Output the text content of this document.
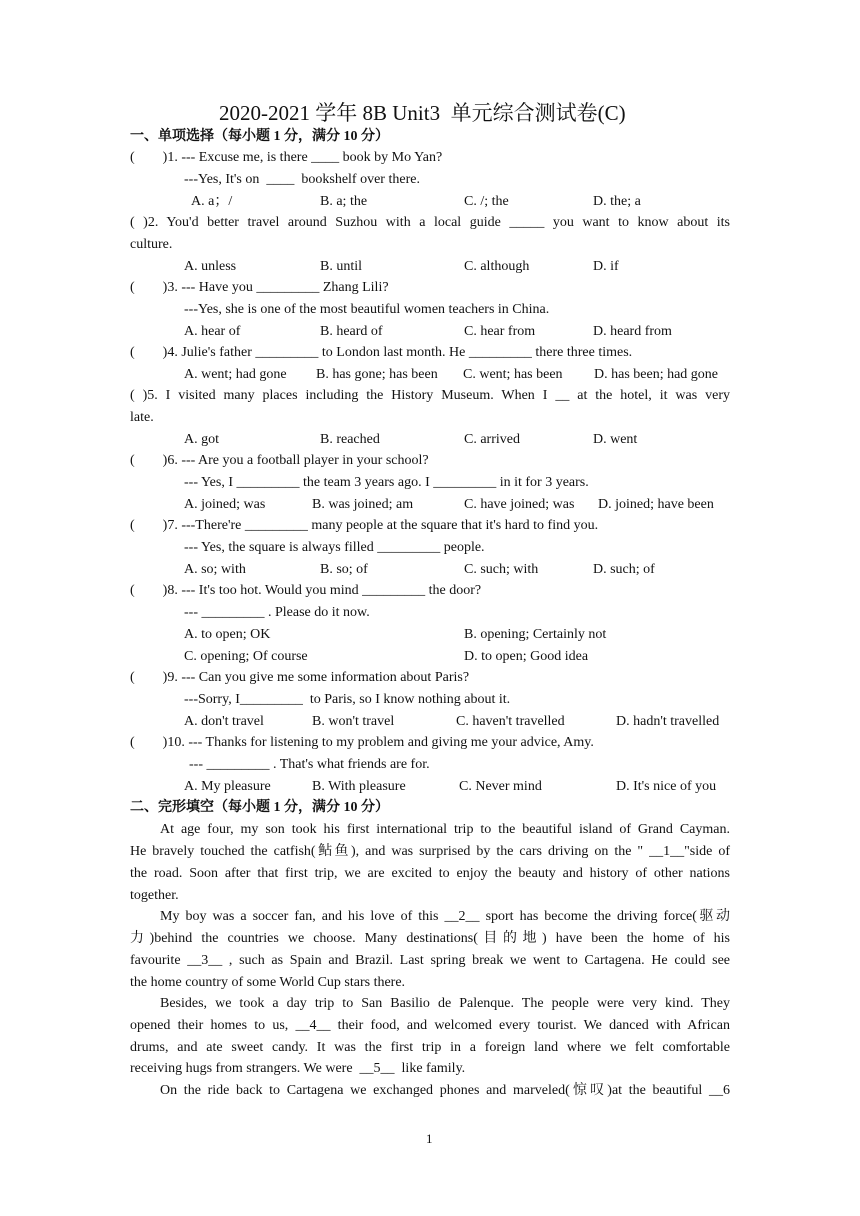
2020-2021 学年 8B Unit3  单元综合测试卷(C)
一、单项选择（每小题 1 分，满分 10 分）
(        )1. --- Excuse me, is there ____ book by Mo Yan?
---Yes, It's on  ____  bookshelf over there.
A. a；/	B. a; the	C. /; the	D. the; a
( )2. You'd better travel around Suzhou with a local guide _____ you want to know about its
culture.
A. unless	B. until	C. although	D. if
(        )3. --- Have you _________ Zhang Lili?
---Yes, she is one of the most beautiful women teachers in China.
A. hear of	B. heard of	C. hear from	D. heard from
(        )4. Julie's father _________ to London last month. He _________ there three times.
A. went; had gone B. has gone; has been C. went; has been D. has been; had gone
( )5. I visited many places including the History Museum. When I __ at the hotel, it was very
late.
A. got	B. reached	C. arrived	D. went
(        )6. --- Are you a football player in your school?
--- Yes, I _________ the team 3 years ago. I _________ in it for 3 years.
A. joined; was	B. was joined; am	C. have joined; was D. joined; have been
(        )7. ---There're _________ many people at the square that it's hard to find you.
--- Yes, the square is always filled _________ people.
A. so; with	B. so; of	C. such; with	D. such; of
(        )8. --- It's too hot. Would you mind _________ the door?
--- _________ . Please do it now.
A. to open; OK	B. opening; Certainly not
C. opening; Of course	D. to open; Good idea
(        )9. --- Can you give me some information about Paris?
---Sorry, I_________  to Paris, so I know nothing about it.
A. don't travel	B. won't travel	C. haven't travelled	D. hadn't travelled
(        )10. --- Thanks for listening to my problem and giving me your advice, Amy.
--- _________ . That's what friends are for.
A. My pleasure	B. With pleasure	C. Never mind	D. It's nice of you
二、完形填空（每小题 1 分，满分 10 分）
At age four, my son took his first international trip to the beautiful island of Grand Cayman.
He bravely touched the catfish(鲇鱼), and was surprised by the cars driving on the " __1__"side of
the road. Soon after that first trip, we are excited to enjoy the beauty and history of other nations
together.
My boy was a soccer fan, and his love of this __2__ sport has become the driving force(驱动
力)behind the countries we choose. Many destinations(目的地) have been the home of his
favourite __3__ , such as Spain and Brazil. Last spring break we went to Cartagena. He could see
the home country of some World Cup stars there.
Besides, we took a day trip to San Basilio de Palenque. The people were very kind. They
opened their homes to us, __4__ their food, and welcomed every tourist. We danced with African
drums, and ate sweet candy. It was the first trip in a foreign land where we felt comfortable
receiving hugs from strangers. We were  __5__  like family.
On the ride back to Cartagena we exchanged phones and marveled(惊叹)at the beautiful __6
1
